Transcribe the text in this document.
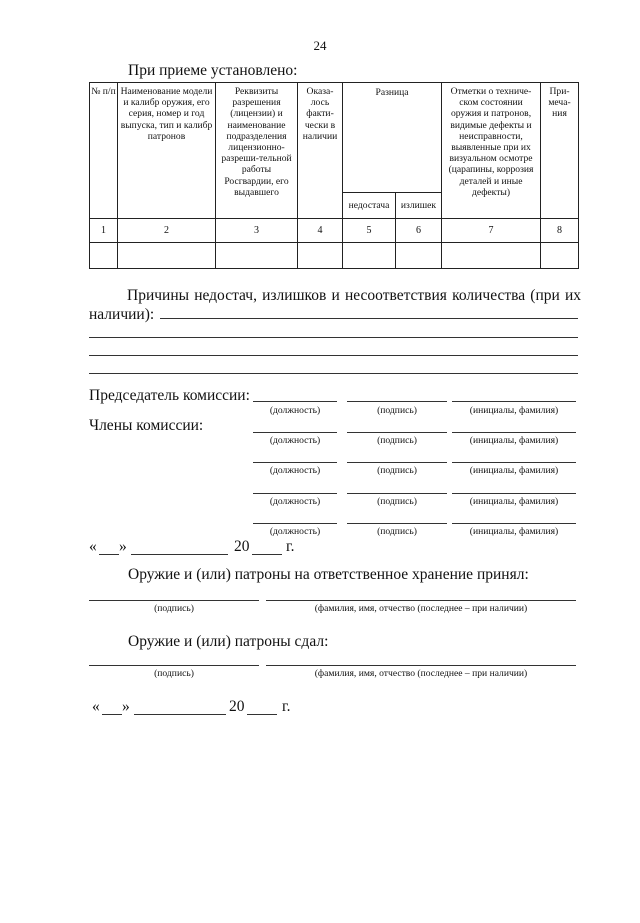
24
При приеме установлено:
№ п/п	Наименование модели и калибр оружия, его серия, номер и год выпуска, тип и калибр патронов	Реквизиты разрешения (лицензии) и наименование подразделения лицензионно-разреши-тельной работы Росгвардии, его выдавшего	Оказа-лось факти-чески в наличии	Разница		Отметки о техниче-ском состоянии оружия и патронов, видимые дефекты и неисправности, выявленные при их визуальном осмотре (царапины, коррозия деталей и иные дефекты)	При-меча-ния
				недостача	излишек		
1	2	3	4	5	6	7	8

Причины недостач, излишков и несоответствия количества (при их
наличии):
Председатель комиссии:
Члены комиссии:
(должность)	(подпись)	(инициалы, фамилия)
(должность)	(подпись)	(инициалы, фамилия)
(должность)	(подпись)	(инициалы, фамилия)
(должность)	(подпись)	(инициалы, фамилия)
(должность)	(подпись)	(инициалы, фамилия)
« »	20 г.
Оружие и (или) патроны на ответственное хранение принял:
(подпись)	(фамилия, имя, отчество (последнее – при наличии)
Оружие и (или) патроны сдал:
(подпись)	(фамилия, имя, отчество (последнее – при наличии)
« »	20 г.
